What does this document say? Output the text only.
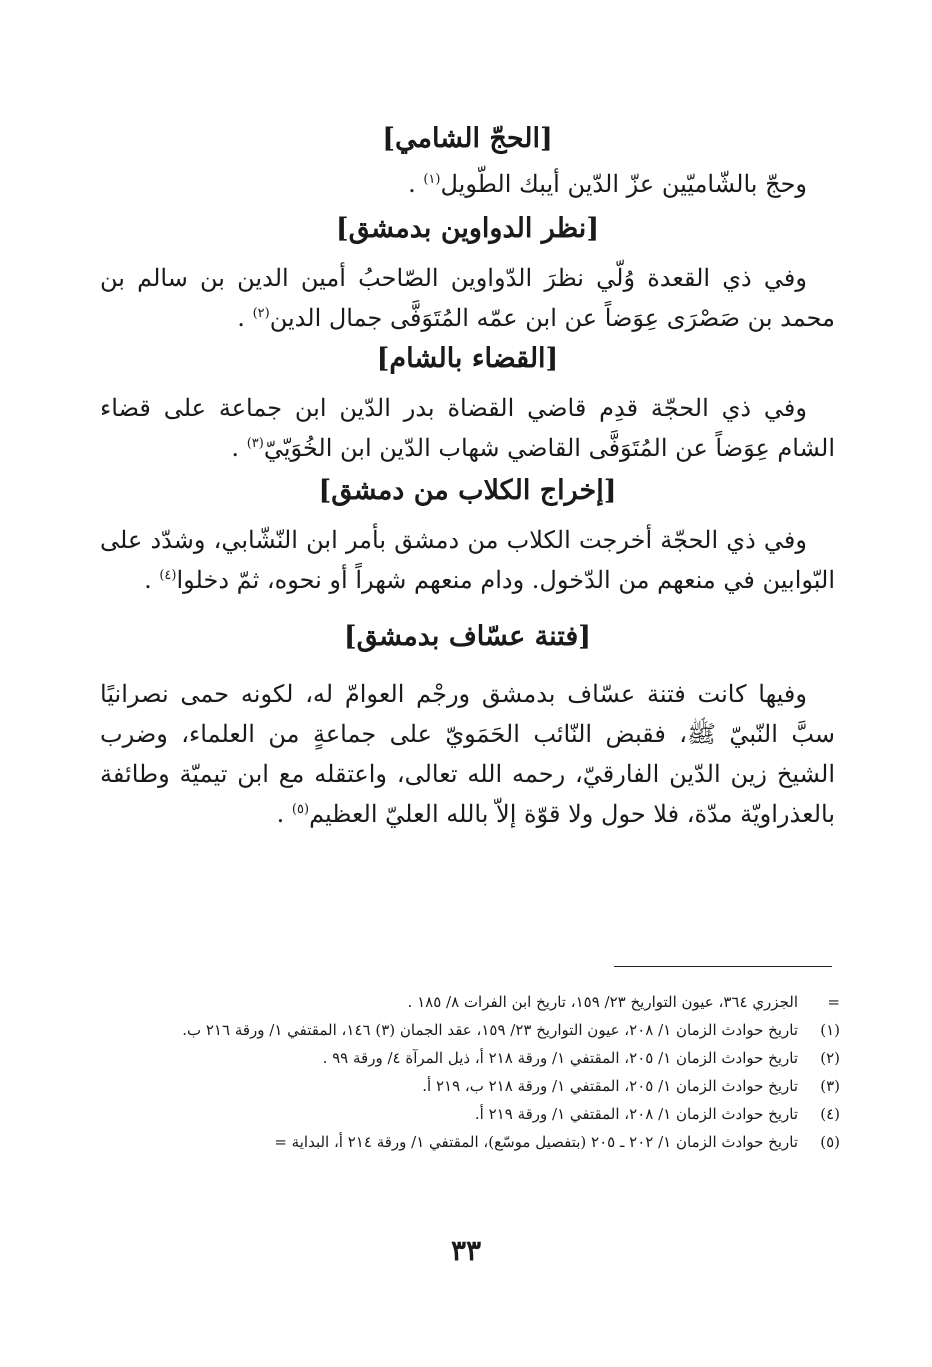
[الحجّ الشامي]

وحجّ بالشّاميّين عزّ الدّين أيبك الطّويل$^{(١)}$ .

[نظر الدواوين بدمشق]

وفي ذي القعدة وُلّي نظرَ الدّواوين الصّاحبُ أمين الدين بن سالم بن محمد بن صَصْرَى عِوَضاً عن ابن عمّه المُتَوَفَّى جمال الدين$^{(٢)}$ .

[القضاء بالشام]

وفي ذي الحجّة قدِم قاضي القضاة بدر الدّين ابن جماعة على قضاء الشام عِوَضاً عن المُتَوَفَّى القاضي شهاب الدّين ابن الخُوَيّيّ$^{(٣)}$ .

[إخراج الكلاب من دمشق]

وفي ذي الحجّة أخرجت الكلاب من دمشق بأمر ابن النّشّابي، وشدّد على البّوابين في منعهم من الدّخول. ودام منعهم شهراً أو نحوه، ثمّ دخلوا$^{(٤)}$ .

[فتنة عسّاف بدمشق]

وفيها كانت فتنة عسّاف بدمشق ورجْم العوامّ له، لكونه حمى نصرانيًا سبَّ النّبيّ ﷺ، فقبض النّائب الحَمَويّ على جماعةٍ من العلماء، وضرب الشيخ زين الدّين الفارقيّ، رحمه الله تعالى، واعتقله مع ابن تيميّة وطائفة بالعذراويّة مدّة، فلا حول ولا قوّة إلاّ بالله العليّ العظيم$^{(٥)}$ .

=
الجزري ٣٦٤، عيون التواريخ ٢٣/ ١٥٩، تاريخ ابن الفرات ٨/ ١٨٥ .
(١)
تاريخ حوادث الزمان ١/ ٢٠٨، عيون التواريخ ٢٣/ ١٥٩، عقد الجمان (٣) ١٤٦، المقتفي ١/ ورقة ٢١٦ ب.
(٢)
تاريخ حوادث الزمان ١/ ٢٠٥، المقتفي ١/ ورقة ٢١٨ أ، ذيل المرآة ٤/ ورقة ٩٩ .
(٣)
تاريخ حوادث الزمان ١/ ٢٠٥، المقتفي ١/ ورقة ٢١٨ ب، ٢١٩ أ.
(٤)
تاريخ حوادث الزمان ١/ ٢٠٨، المقتفي ١/ ورقة ٢١٩ أ.
(٥)
تاريخ حوادث الزمان ١/ ٢٠٢ ـ ٢٠٥ (بتفصيل موسّع)، المقتفي ١/ ورقة ٢١٤ أ، البداية =
٣٣
